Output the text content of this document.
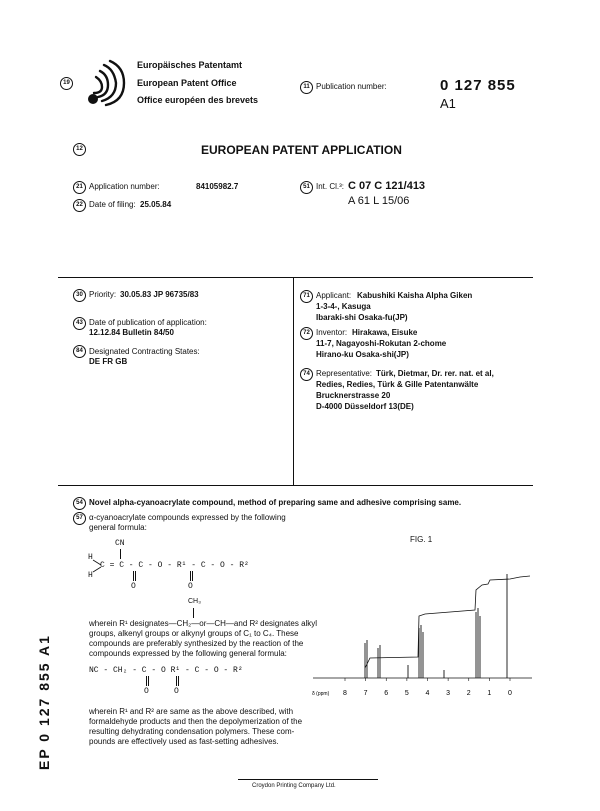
19
Europäisches Patentamt
European Patent Office
Office européen des brevets
11 Publication number:	0 127 855
A1
12	EUROPEAN PATENT APPLICATION
21 Application number:	84105982.7
22 Date of filing: 25.05.84
51 Int. Cl.³: C 07 C 121/413
A 61 L 15/06
30 Priority: 30.05.83 JP 96735/83
43 Date of publication of application:
12.12.84 Bulletin 84/50
84 Designated Contracting States:
DE FR GB
71 Applicant: Kabushiki Kaisha Alpha Giken
1-3-4-, Kasuga
Ibaraki-shi Osaka-fu(JP)
72 Inventor: Hirakawa, Eisuke
11-7, Nagayoshi-Rokutan 2-chome
Hirano-ku Osaka-shi(JP)
74 Representative: Türk, Dietmar, Dr. rer. nat. et al,
Redies, Redies, Türk & Gille Patentanwälte
Brucknerstrasse 20
D-4000 Düsseldorf 13(DE)
54 Novel alpha-cyanoacrylate compound, method of preparing same and adhesive comprising same.
57 α-cyanoacrylate compounds expressed by the following
general formula:
CN
H
H
C = C - C - O - R¹ - C - O - R²
O	O
CH₃
wherein R¹ designates—CH₂—or—CH—and R² designates alkyl
groups, alkenyl groups or alkynyl groups of C₁ to C₄. These
compounds are preferably synthesized by the reaction of the
compounds expressed by the following general formula:
NC - CH₂ - C - O R¹ - C - O - R²
O	O
wherein R¹ and R² are same as the above described, with
formaldehyde products and then the depolymerization of the
resulting dehydrating condensation polymers. These com-
pounds are effectively used as fast-setting adhesives.
FIG. 1
δ (ppm) 8 7 6 5 4 3 2 1 0
EP 0 127 855 A1
Croydon Printing Company Ltd.
